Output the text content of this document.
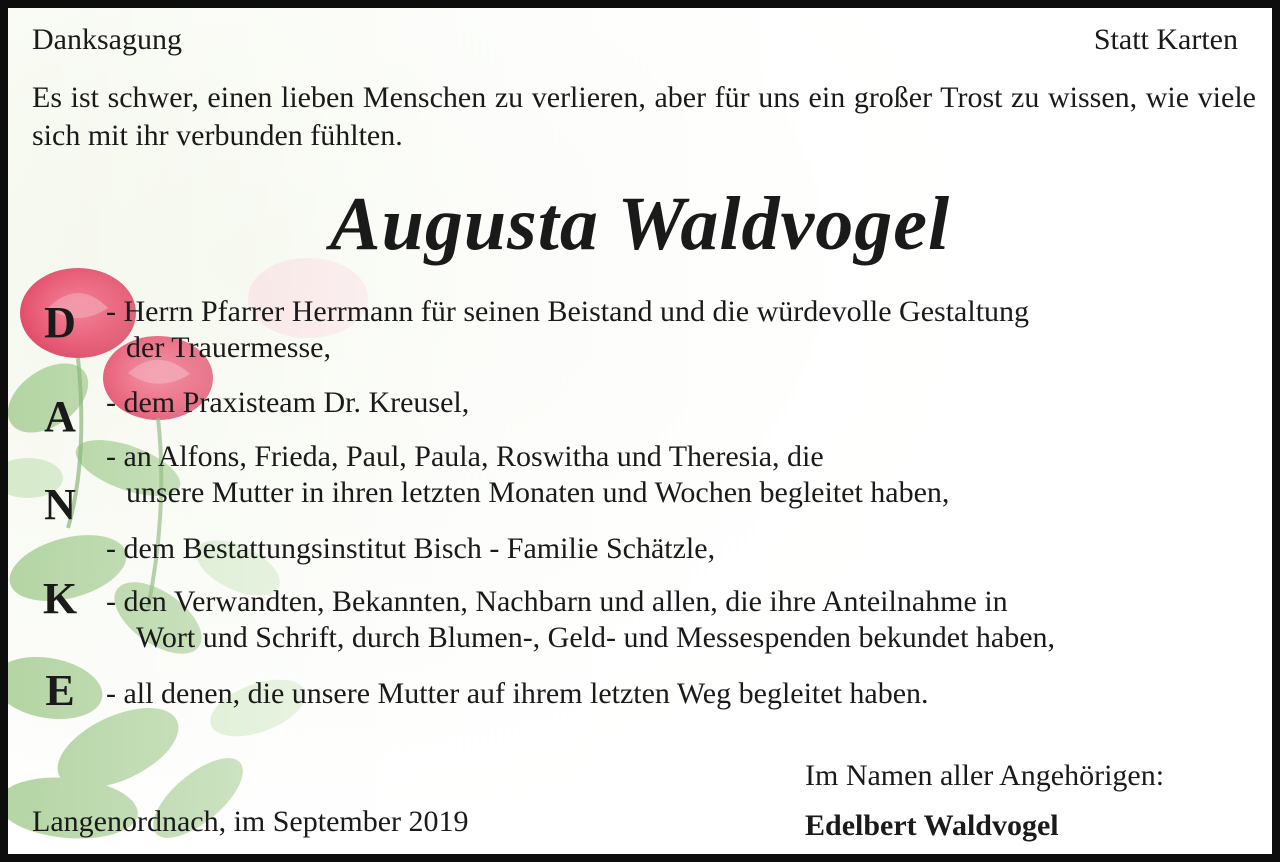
Danksagung	Statt Karten
Es ist schwer, einen lieben Menschen zu verlieren, aber für uns ein großer Trost zu wissen, wie viele sich mit ihr verbunden fühlten.
Augusta Waldvogel
D
A
N
K
E
- Herrn Pfarrer Herrmann für seinen Beistand und die würdevolle Gestaltung
der Trauermesse,
- dem Praxisteam Dr. Kreusel,
- an Alfons, Frieda, Paul, Paula, Roswitha und Theresia, die
unsere Mutter in ihren letzten Monaten und Wochen begleitet haben,
- dem Bestattungsinstitut Bisch - Familie Schätzle,
- den Verwandten, Bekannten, Nachbarn und allen, die ihre Anteilnahme in
Wort und Schrift, durch Blumen-, Geld- und Messespenden bekundet haben,
- all denen, die unsere Mutter auf ihrem letzten Weg begleitet haben.
Langenordnach, im September 2019
Im Namen aller Angehörigen:
Edelbert Waldvogel
